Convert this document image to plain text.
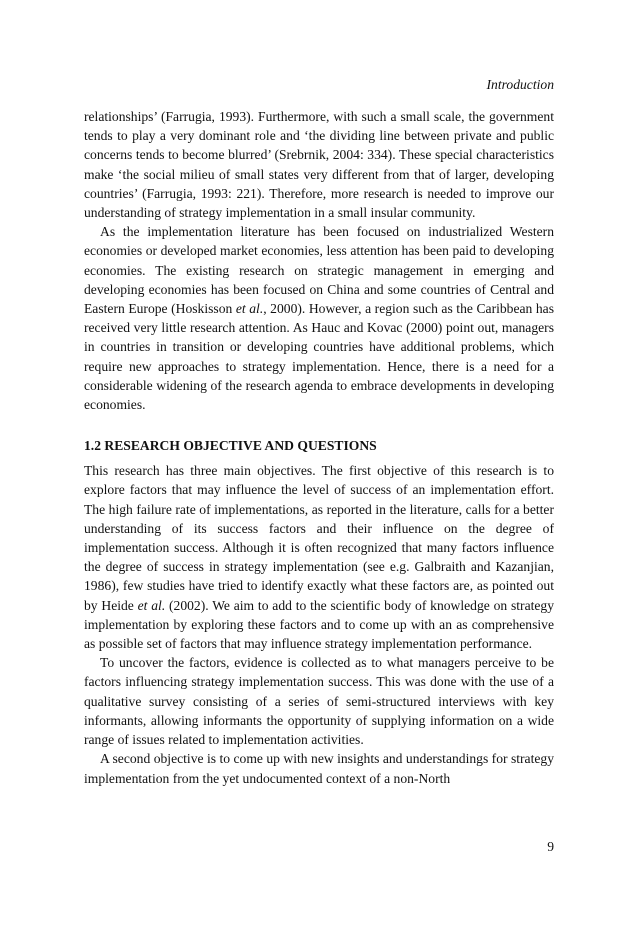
Introduction

relationships’ (Farrugia, 1993). Furthermore, with such a small scale, the government tends to play a very dominant role and ‘the dividing line between private and public concerns tends to become blurred’ (Srebrnik, 2004: 334). These special characteristics make ‘the social milieu of small states very different from that of larger, developing countries’ (Farrugia, 1993: 221). Therefore, more research is needed to improve our understanding of strategy implementation in a small insular community.

As the implementation literature has been focused on industrialized Western economies or developed market economies, less attention has been paid to developing economies. The existing research on strategic management in emerging and developing economies has been focused on China and some countries of Central and Eastern Europe (Hoskisson et al., 2000). However, a region such as the Caribbean has received very little research attention. As Hauc and Kovac (2000) point out, managers in countries in transition or developing countries have additional problems, which require new approaches to strategy implementation. Hence, there is a need for a considerable widening of the research agenda to embrace developments in developing economies.

1.2 RESEARCH OBJECTIVE AND QUESTIONS

This research has three main objectives. The first objective of this research is to explore factors that may influence the level of success of an implementation effort. The high failure rate of implementations, as reported in the literature, calls for a better understanding of its success factors and their influence on the degree of implementation success. Although it is often recognized that many factors influence the degree of success in strategy implementation (see e.g. Galbraith and Kazanjian, 1986), few studies have tried to identify exactly what these factors are, as pointed out by Heide et al. (2002). We aim to add to the scientific body of knowledge on strategy implementation by exploring these factors and to come up with an as comprehensive as possible set of factors that may influence strategy implementation performance.

To uncover the factors, evidence is collected as to what managers perceive to be factors influencing strategy implementation success. This was done with the use of a qualitative survey consisting of a series of semi-structured interviews with key informants, allowing informants the opportunity of supplying information on a wide range of issues related to implementation activities.

A second objective is to come up with new insights and understandings for strategy implementation from the yet undocumented context of a non-North

9
